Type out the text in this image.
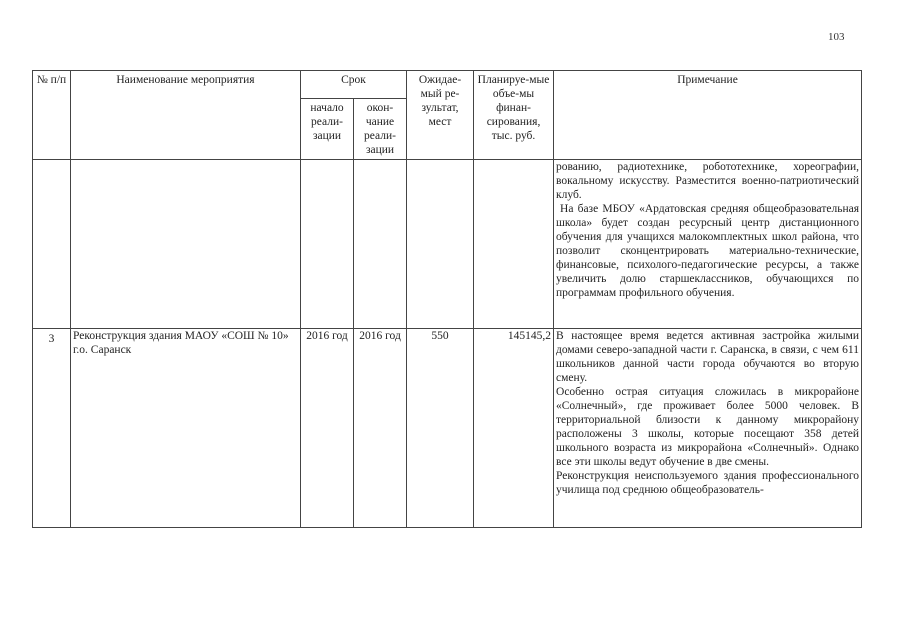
103
№ п/п	Наименование мероприятия	Срок		Ожидае-мый ре-зультат, мест	Планируе-мые объе-мы финан-сирования, тыс. руб.	Примечание

		начало реали-зации	окон-чание реали-зации			

						рованию, радиотехнике, робототехнике, хореографии, вокальному искусству. Разместится военно-патриотический клуб.

На базе МБОУ «Ардатовская средняя общеобразовательная школа» будет создан ресурсный центр дистанционного обучения для учащихся малокомплектных школ района, что позволит сконцентрировать материально-технические, финансовые, психолого-педагогические ресурсы, а также увеличить долю старшеклассников, обучающихся по программам профильного обучения.

3	Реконструкция здания МАОУ «СОШ № 10» г.о. Саранск	2016 год	2016 год	550	145145,2	В настоящее время ведется активная застройка жилыми домами северо-западной части г. Саранска, в связи, с чем 611 школьников данной части города обучаются во вторую смену.

Особенно острая ситуация сложилась в микрорайоне «Солнечный», где проживает более 5000 человек. В территориальной близости к данному микрорайону расположены 3 школы, которые посещают 358 детей школьного возраста из микрорайона «Солнечный». Однако все эти школы ведут обучение в две смены.

Реконструкция неиспользуемого здания профессионального училища под среднюю общеобразователь-
